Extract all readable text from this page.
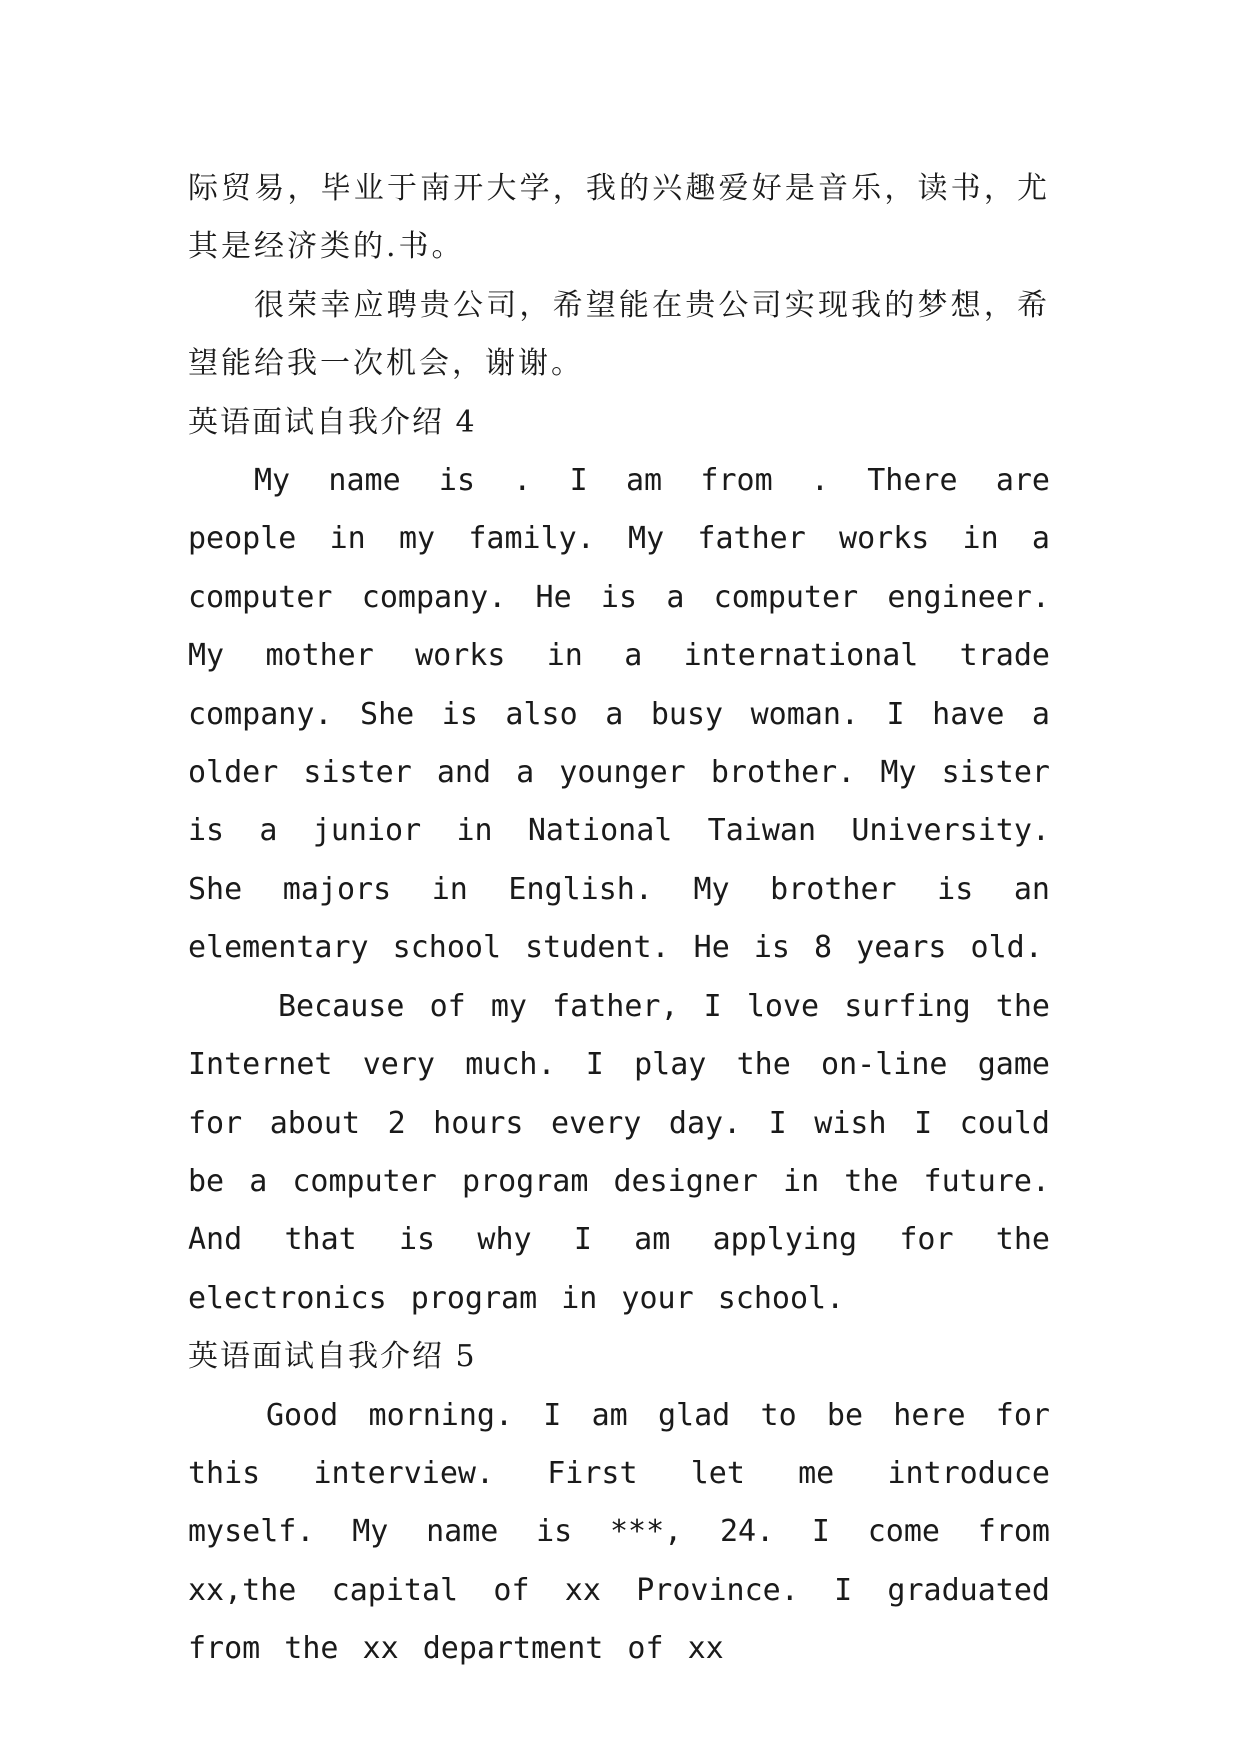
际贸易，毕业于南开大学，我的兴趣爱好是音乐，读书，尤其是经济类的.书。

很荣幸应聘贵公司，希望能在贵公司实现我的梦想，希望能给我一次机会，谢谢。

英语面试自我介绍 4

My name is . I am from . There are people in my family. My father works in a computer company. He is a computer engineer. My mother works in a international trade company. She is also a busy woman. I have a older sister and a younger brother. My sister is a junior in National Taiwan University. She majors in English. My brother is an elementary school student. He is 8 years old.

Because of my father, I love surfing the Internet very much. I play the on-line game for about 2 hours every day. I wish I could be a computer program designer in the future. And that is why I am applying for the electronics program in your school.

英语面试自我介绍 5

Good morning. I am glad to be here for this interview. First let me introduce myself. My name is ***, 24. I come from xx,the capital of xx Province. I graduated from the xx department of xx
